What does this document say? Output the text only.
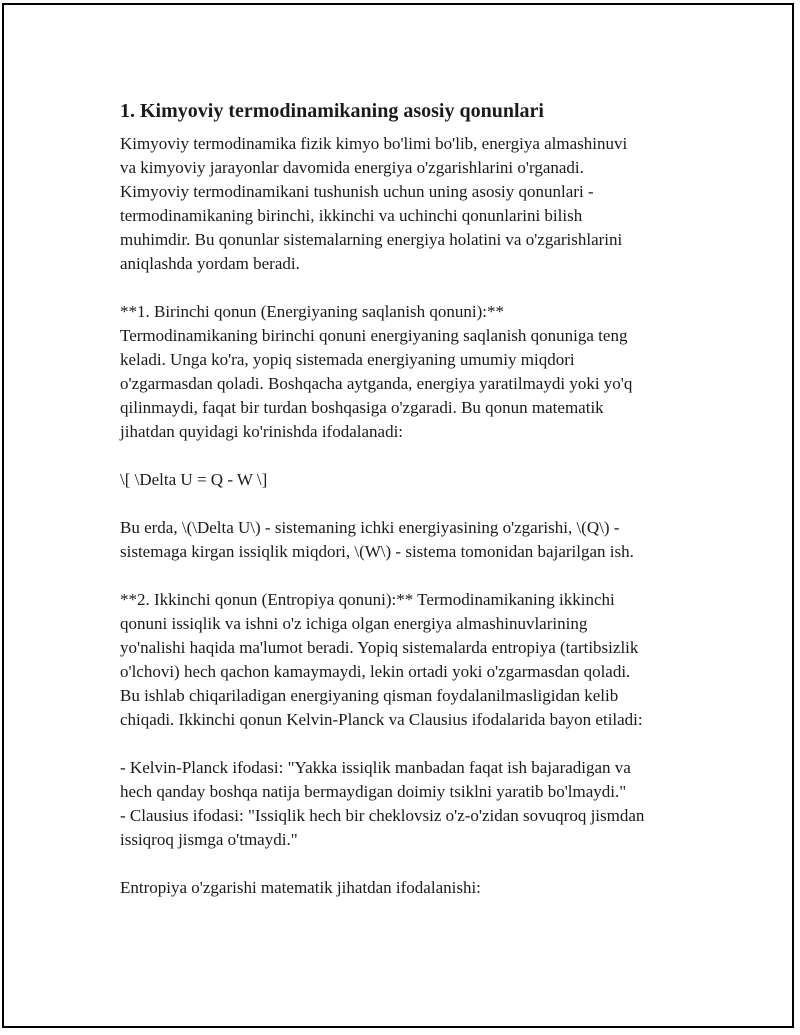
1. Kimyoviy termodinamikaning asosiy qonunlari

Kimyoviy termodinamika fizik kimyo bo'limi bo'lib, energiya almashinuvi
va kimyoviy jarayonlar davomida energiya o'zgarishlarini o'rganadi.
Kimyoviy termodinamikani tushunish uchun uning asosiy qonunlari -
termodinamikaning birinchi, ikkinchi va uchinchi qonunlarini bilish
muhimdir. Bu qonunlar sistemalarning energiya holatini va o'zgarishlarini
aniqlashda yordam beradi.

**1. Birinchi qonun (Energiyaning saqlanish qonuni):**
Termodinamikaning birinchi qonuni energiyaning saqlanish qonuniga teng
keladi. Unga ko'ra, yopiq sistemada energiyaning umumiy miqdori
o'zgarmasdan qoladi. Boshqacha aytganda, energiya yaratilmaydi yoki yo'q
qilinmaydi, faqat bir turdan boshqasiga o'zgaradi. Bu qonun matematik
jihatdan quyidagi ko'rinishda ifodalanadi:

\[ \Delta U = Q - W \]

Bu erda, \(\Delta U\) - sistemaning ichki energiyasining o'zgarishi, \(Q\) -
sistemaga kirgan issiqlik miqdori, \(W\) - sistema tomonidan bajarilgan ish.

**2. Ikkinchi qonun (Entropiya qonuni):** Termodinamikaning ikkinchi
qonuni issiqlik va ishni o'z ichiga olgan energiya almashinuvlarining
yo'nalishi haqida ma'lumot beradi. Yopiq sistemalarda entropiya (tartibsizlik
o'lchovi) hech qachon kamaymaydi, lekin ortadi yoki o'zgarmasdan qoladi.
Bu ishlab chiqariladigan energiyaning qisman foydalanilmasligidan kelib
chiqadi. Ikkinchi qonun Kelvin-Planck va Clausius ifodalarida bayon etiladi:

- Kelvin-Planck ifodasi: "Yakka issiqlik manbadan faqat ish bajaradigan va
hech qanday boshqa natija bermaydigan doimiy tsiklni yaratib bo'lmaydi."
- Clausius ifodasi: "Issiqlik hech bir cheklovsiz o'z-o'zidan sovuqroq jismdan
issiqroq jismga o'tmaydi."

Entropiya o'zgarishi matematik jihatdan ifodalanishi:
